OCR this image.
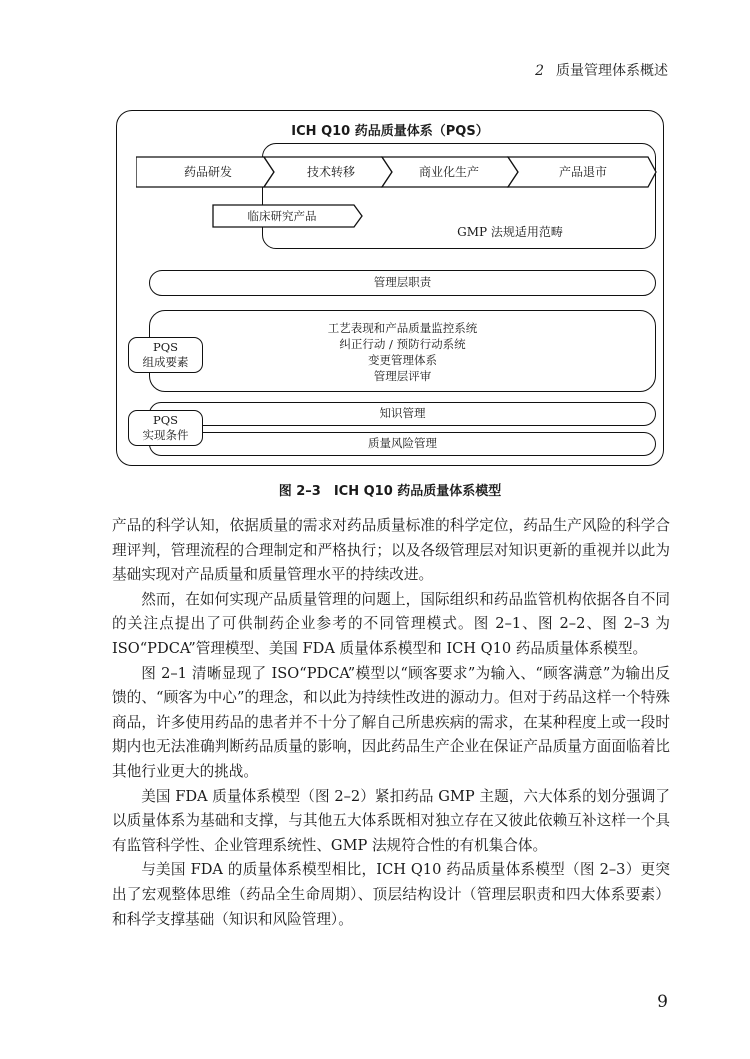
2 质量管理体系概述
ICH Q10 药品质量体系（PQS）
GMP 法规适用范畴
药品研发	技术转移	商业化生产	产品退市
临床研究产品
管理层职责
工艺表现和产品质量监控系统
纠正行动 / 预防行动系统
变更管理体系
管理层评审
PQS
组成要素
知识管理
质量风险管理
PQS
实现条件
图 2–3　ICH Q10 药品质量体系模型

产品的科学认知，依据质量的需求对药品质量标准的科学定位，药品生产风险的科学合理评判，管理流程的合理制定和严格执行；以及各级管理层对知识更新的重视并以此为基础实现对产品质量和质量管理水平的持续改进。

然而，在如何实现产品质量管理的问题上，国际组织和药品监管机构依据各自不同的关注点提出了可供制药企业参考的不同管理模式。图 2–1、图 2–2、图 2–3 为 ISO“PDCA”管理模型、美国 FDA 质量体系模型和 ICH Q10 药品质量体系模型。

图 2–1 清晰显现了 ISO“PDCA”模型以“顾客要求”为输入、“顾客满意”为输出反馈的、“顾客为中心”的理念，和以此为持续性改进的源动力。但对于药品这样一个特殊商品，许多使用药品的患者并不十分了解自己所患疾病的需求，在某种程度上或一段时期内也无法准确判断药品质量的影响，因此药品生产企业在保证产品质量方面面临着比其他行业更大的挑战。

美国 FDA 质量体系模型（图 2–2）紧扣药品 GMP 主题，六大体系的划分强调了以质量体系为基础和支撑，与其他五大体系既相对独立存在又彼此依赖互补这样一个具有监管科学性、企业管理系统性、GMP 法规符合性的有机集合体。

与美国 FDA 的质量体系模型相比，ICH Q10 药品质量体系模型（图 2–3）更突出了宏观整体思维（药品全生命周期）、顶层结构设计（管理层职责和四大体系要素）和科学支撑基础（知识和风险管理）。

9
